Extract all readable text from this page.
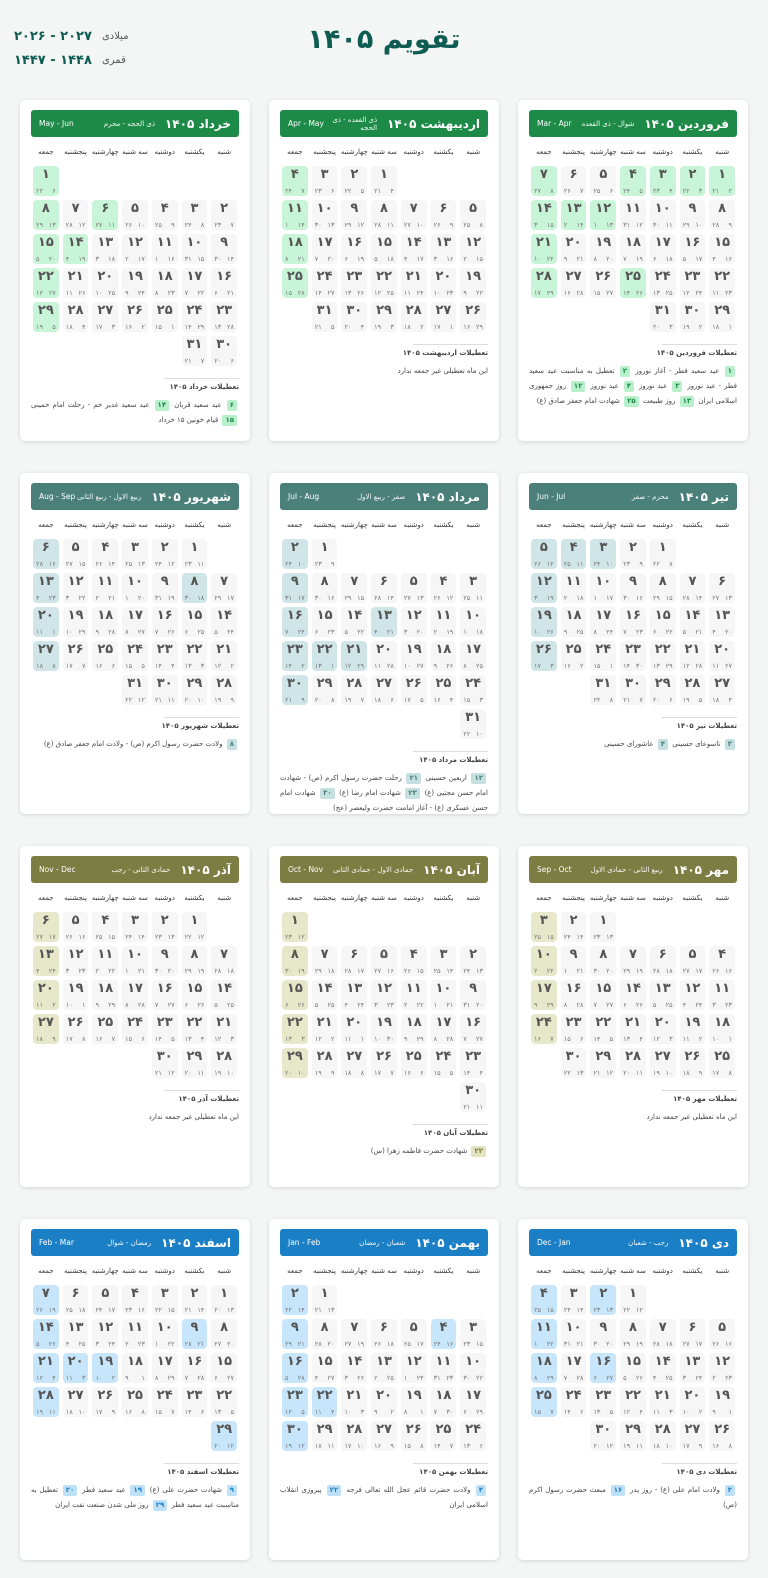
تقویم ۱۴۰۵
میلادی
۲۰۲۶ - ۲۰۲۷
قمری
۱۴۴۷ - ۱۴۴۸
فروردین ۱۴۰۵
شوال - ذی القعده
Mar - Apr
شنبه
یکشنبه
دوشنبه
سه شنبه
چهارشنبه
پنجشنبه
جمعه
۱
۲۱ ۲
۲
۲۲ ۳
۳
۲۳ ۴
۴
۲۴ ۵
۵
۲۵ ۶
۶
۲۶ ۷
۷
۲۷ ۸
۸
۲۸ ۹
۹
۲۹ ۱۰
۱۰
۳۰ ۱۱
۱۱
۳۱ ۱۲
۱۲
۱ ۱۳
۱۳
۲ ۱۴
۱۴
۳ ۱۵
۱۵
۴ ۱۶
۱۶
۵ ۱۷
۱۷
۶ ۱۸
۱۸
۷ ۱۹
۱۹
۸ ۲۰
۲۰
۹ ۲۱
۲۱
۱۰ ۲۲
۲۲
۱۱ ۲۳
۲۳
۱۲ ۲۴
۲۴
۱۳ ۲۵
۲۵
۱۴ ۲۶
۲۶
۱۵ ۲۷
۲۷
۱۶ ۲۸
۲۸
۱۷ ۲۹
۲۹
۱۸ ۱
۳۰
۱۹ ۲
۳۱
۲۰ ۳
تعطیلات فروردین ۱۴۰۵
۱ عید سعید فطر - آغاز نوروز ۲ تعطیل به مناسبت عید سعید فطر - عید نوروز ۳ عید نوروز ۴ عید نوروز ۱۲ روز جمهوری اسلامی ایران ۱۳ روز طبیعت ۲۵ شهادت امام جعفر صادق (ع)
اردیبهشت ۱۴۰۵
ذی القعده - ذی الحجه
Apr - May
شنبه
یکشنبه
دوشنبه
سه شنبه
چهارشنبه
پنجشنبه
جمعه
۱
۲۱ ۴
۲
۲۲ ۵
۳
۲۳ ۶
۴
۲۴ ۷
۵
۲۵ ۸
۶
۲۶ ۹
۷
۲۷ ۱۰
۸
۲۸ ۱۱
۹
۲۹ ۱۲
۱۰
۳۰ ۱۳
۱۱
۱ ۱۴
۱۲
۲ ۱۵
۱۳
۳ ۱۶
۱۴
۴ ۱۷
۱۵
۵ ۱۸
۱۶
۶ ۱۹
۱۷
۷ ۲۰
۱۸
۸ ۲۱
۱۹
۹ ۲۲
۲۰
۱۰ ۲۳
۲۱
۱۱ ۲۴
۲۲
۱۲ ۲۵
۲۳
۱۳ ۲۶
۲۴
۱۴ ۲۷
۲۵
۱۵ ۲۸
۲۶
۱۶ ۲۹
۲۷
۱۷ ۱
۲۸
۱۸ ۲
۲۹
۱۹ ۳
۳۰
۲۰ ۴
۳۱
۲۱ ۵
تعطیلات اردیبهشت ۱۴۰۵
این ماه تعطیلی غیر جمعه ندارد
خرداد ۱۴۰۵
ذی الحجه - محرم
May - Jun
شنبه
یکشنبه
دوشنبه
سه شنبه
چهارشنبه
پنجشنبه
جمعه
۱
۲۲ ۶
۲
۲۳ ۷
۳
۲۴ ۸
۴
۲۵ ۹
۵
۲۶ ۱۰
۶
۲۷ ۱۱
۷
۲۸ ۱۲
۸
۲۹ ۱۳
۹
۳۰ ۱۴
۱۰
۳۱ ۱۵
۱۱
۱ ۱۶
۱۲
۲ ۱۷
۱۳
۳ ۱۸
۱۴
۴ ۱۹
۱۵
۵ ۲۰
۱۶
۶ ۲۱
۱۷
۷ ۲۲
۱۸
۸ ۲۳
۱۹
۹ ۲۴
۲۰
۱۰ ۲۵
۲۱
۱۱ ۲۶
۲۲
۱۲ ۲۷
۲۳
۱۳ ۲۸
۲۴
۱۴ ۲۹
۲۵
۱۵ ۱
۲۶
۱۶ ۲
۲۷
۱۷ ۳
۲۸
۱۸ ۴
۲۹
۱۹ ۵
۳۰
۲۰ ۶
۳۱
۲۱ ۷
تعطیلات خرداد ۱۴۰۵
۶ عید سعید قربان ۱۴ عید سعید غدیر خم - رحلت امام خمینی ۱۵ قیام خونین ۱۵ خرداد
تیر ۱۴۰۵
محرم - صفر
Jun - Jul
شنبه
یکشنبه
دوشنبه
سه شنبه
چهارشنبه
پنجشنبه
جمعه
۱
۲۲ ۸
۲
۲۳ ۹
۳
۲۴ ۱۰
۴
۲۵ ۱۱
۵
۲۶ ۱۲
۶
۲۷ ۱۳
۷
۲۸ ۱۴
۸
۲۹ ۱۵
۹
۳۰ ۱۶
۱۰
۱ ۱۷
۱۱
۲ ۱۸
۱۲
۳ ۱۹
۱۳
۴ ۲۰
۱۴
۵ ۲۱
۱۵
۶ ۲۲
۱۶
۷ ۲۳
۱۷
۸ ۲۴
۱۸
۹ ۲۵
۱۹
۱۰ ۲۶
۲۰
۱۱ ۲۷
۲۱
۱۲ ۲۸
۲۲
۱۳ ۲۹
۲۳
۱۴ ۳۰
۲۴
۱۵ ۱
۲۵
۱۶ ۲
۲۶
۱۷ ۳
۲۷
۱۸ ۴
۲۸
۱۹ ۵
۲۹
۲۰ ۶
۳۰
۲۱ ۷
۳۱
۲۲ ۸
تعطیلات تیر ۱۴۰۵
۳ تاسوعای حسینی ۴ عاشورای حسینی
مرداد ۱۴۰۵
صفر - ربیع الاول
Jul - Aug
شنبه
یکشنبه
دوشنبه
سه شنبه
چهارشنبه
پنجشنبه
جمعه
۱
۲۳ ۹
۲
۲۴ ۱۰
۳
۲۵ ۱۱
۴
۲۶ ۱۲
۵
۲۷ ۱۳
۶
۲۸ ۱۴
۷
۲۹ ۱۵
۸
۳۰ ۱۶
۹
۳۱ ۱۷
۱۰
۱ ۱۸
۱۱
۲ ۱۹
۱۲
۳ ۲۰
۱۳
۴ ۲۱
۱۴
۵ ۲۲
۱۵
۶ ۲۳
۱۶
۷ ۲۴
۱۷
۸ ۲۵
۱۸
۹ ۲۶
۱۹
۱۰ ۲۷
۲۰
۱۱ ۲۸
۲۱
۱۲ ۲۹
۲۲
۱۳ ۱
۲۳
۱۴ ۲
۲۴
۱۵ ۳
۲۵
۱۶ ۴
۲۶
۱۷ ۵
۲۷
۱۸ ۶
۲۸
۱۹ ۷
۲۹
۲۰ ۸
۳۰
۲۱ ۹
۳۱
۲۲ ۱۰
تعطیلات مرداد ۱۴۰۵
۱۳ اربعین حسینی ۲۱ رحلت حضرت رسول اکرم (ص) - شهادت امام حسن مجتبی (ع) ۲۳ شهادت امام رضا (ع) ۳۰ شهادت امام حسن عسکری (ع) - آغاز امامت حضرت ولیعصر (عج)
شهریور ۱۴۰۵
ربیع الاول - ربیع الثانی
Aug - Sep
شنبه
یکشنبه
دوشنبه
سه شنبه
چهارشنبه
پنجشنبه
جمعه
۱
۲۳ ۱۱
۲
۲۴ ۱۲
۳
۲۵ ۱۳
۴
۲۶ ۱۴
۵
۲۷ ۱۵
۶
۲۸ ۱۶
۷
۲۹ ۱۷
۸
۳۰ ۱۸
۹
۳۱ ۱۹
۱۰
۱ ۲۰
۱۱
۲ ۲۱
۱۲
۳ ۲۲
۱۳
۴ ۲۳
۱۴
۵ ۲۴
۱۵
۶ ۲۵
۱۶
۷ ۲۶
۱۷
۸ ۲۷
۱۸
۹ ۲۸
۱۹
۱۰ ۲۹
۲۰
۱۱ ۱
۲۱
۱۲ ۲
۲۲
۱۳ ۳
۲۳
۱۴ ۴
۲۴
۱۵ ۵
۲۵
۱۶ ۶
۲۶
۱۷ ۷
۲۷
۱۸ ۸
۲۸
۱۹ ۹
۲۹
۲۰ ۱۰
۳۰
۲۱ ۱۱
۳۱
۲۲ ۱۲
تعطیلات شهریور ۱۴۰۵
۸ ولادت حضرت رسول اکرم (ص) - ولادت امام جعفر صادق (ع)
مهر ۱۴۰۵
ربیع الثانی - جمادی الاول
Sep - Oct
شنبه
یکشنبه
دوشنبه
سه شنبه
چهارشنبه
پنجشنبه
جمعه
۱
۲۳ ۱۳
۲
۲۴ ۱۴
۳
۲۵ ۱۵
۴
۲۶ ۱۶
۵
۲۷ ۱۷
۶
۲۸ ۱۸
۷
۲۹ ۱۹
۸
۳۰ ۲۰
۹
۱ ۲۱
۱۰
۲ ۲۲
۱۱
۳ ۲۳
۱۲
۴ ۲۴
۱۳
۵ ۲۵
۱۴
۶ ۲۶
۱۵
۷ ۲۷
۱۶
۸ ۲۸
۱۷
۹ ۲۹
۱۸
۱۰ ۱
۱۹
۱۱ ۲
۲۰
۱۲ ۳
۲۱
۱۳ ۴
۲۲
۱۴ ۵
۲۳
۱۵ ۶
۲۴
۱۶ ۷
۲۵
۱۷ ۸
۲۶
۱۸ ۹
۲۷
۱۹ ۱۰
۲۸
۲۰ ۱۱
۲۹
۲۱ ۱۲
۳۰
۲۲ ۱۳
تعطیلات مهر ۱۴۰۵
این ماه تعطیلی غیر جمعه ندارد
آبان ۱۴۰۵
جمادی الاول - جمادی الثانی
Oct - Nov
شنبه
یکشنبه
دوشنبه
سه شنبه
چهارشنبه
پنجشنبه
جمعه
۱
۲۳ ۱۲
۲
۲۴ ۱۳
۳
۲۵ ۱۴
۴
۲۶ ۱۵
۵
۲۷ ۱۶
۶
۲۸ ۱۷
۷
۲۹ ۱۸
۸
۳۰ ۱۹
۹
۳۱ ۲۰
۱۰
۱ ۲۱
۱۱
۲ ۲۲
۱۲
۳ ۲۳
۱۳
۴ ۲۴
۱۴
۵ ۲۵
۱۵
۶ ۲۶
۱۶
۷ ۲۷
۱۷
۸ ۲۸
۱۸
۹ ۲۹
۱۹
۱۰ ۳۰
۲۰
۱۱ ۱
۲۱
۱۲ ۲
۲۲
۱۳ ۳
۲۳
۱۴ ۴
۲۴
۱۵ ۵
۲۵
۱۶ ۶
۲۶
۱۷ ۷
۲۷
۱۸ ۸
۲۸
۱۹ ۹
۲۹
۲۰ ۱۰
۳۰
۲۱ ۱۱
تعطیلات آبان ۱۴۰۵
۲۲ شهادت حضرت فاطمه زهرا (س)
آذر ۱۴۰۵
جمادی الثانی - رجب
Nov - Dec
شنبه
یکشنبه
دوشنبه
سه شنبه
چهارشنبه
پنجشنبه
جمعه
۱
۲۲ ۱۲
۲
۲۳ ۱۳
۳
۲۴ ۱۴
۴
۲۵ ۱۵
۵
۲۶ ۱۶
۶
۲۷ ۱۷
۷
۲۸ ۱۸
۸
۲۹ ۱۹
۹
۳۰ ۲۰
۱۰
۱ ۲۱
۱۱
۲ ۲۲
۱۲
۳ ۲۳
۱۳
۴ ۲۴
۱۴
۵ ۲۵
۱۵
۶ ۲۶
۱۶
۷ ۲۷
۱۷
۸ ۲۸
۱۸
۹ ۲۹
۱۹
۱۰ ۱
۲۰
۱۱ ۲
۲۱
۱۲ ۳
۲۲
۱۳ ۴
۲۳
۱۴ ۵
۲۴
۱۵ ۶
۲۵
۱۶ ۷
۲۶
۱۷ ۸
۲۷
۱۸ ۹
۲۸
۱۹ ۱۰
۲۹
۲۰ ۱۱
۳۰
۲۱ ۱۲
تعطیلات آذر ۱۴۰۵
این ماه تعطیلی غیر جمعه ندارد
دی ۱۴۰۵
رجب - شعبان
Dec - Jan
شنبه
یکشنبه
دوشنبه
سه شنبه
چهارشنبه
پنجشنبه
جمعه
۱
۲۲ ۱۲
۲
۲۳ ۱۳
۳
۲۴ ۱۴
۴
۲۵ ۱۵
۵
۲۶ ۱۶
۶
۲۷ ۱۷
۷
۲۸ ۱۸
۸
۲۹ ۱۹
۹
۳۰ ۲۰
۱۰
۳۱ ۲۱
۱۱
۱ ۲۲
۱۲
۲ ۲۳
۱۳
۳ ۲۴
۱۴
۴ ۲۵
۱۵
۵ ۲۶
۱۶
۶ ۲۷
۱۷
۷ ۲۸
۱۸
۸ ۲۹
۱۹
۹ ۱
۲۰
۱۰ ۲
۲۱
۱۱ ۳
۲۲
۱۲ ۴
۲۳
۱۳ ۵
۲۴
۱۴ ۶
۲۵
۱۵ ۷
۲۶
۱۶ ۸
۲۷
۱۷ ۹
۲۸
۱۸ ۱۰
۲۹
۱۹ ۱۱
۳۰
۲۰ ۱۲
تعطیلات دی ۱۴۰۵
۲ ولادت امام علی (ع) - روز پدر ۱۶ مبعث حضرت رسول اکرم (ص)
بهمن ۱۴۰۵
شعبان - رمضان
Jan - Feb
شنبه
یکشنبه
دوشنبه
سه شنبه
چهارشنبه
پنجشنبه
جمعه
۱
۲۱ ۱۳
۲
۲۲ ۱۴
۳
۲۳ ۱۵
۴
۲۴ ۱۶
۵
۲۵ ۱۷
۶
۲۶ ۱۸
۷
۲۷ ۱۹
۸
۲۸ ۲۰
۹
۲۹ ۲۱
۱۰
۳۰ ۲۲
۱۱
۳۱ ۲۳
۱۲
۱ ۲۴
۱۳
۲ ۲۵
۱۴
۳ ۲۶
۱۵
۴ ۲۷
۱۶
۵ ۲۸
۱۷
۶ ۲۹
۱۸
۷ ۳۰
۱۹
۸ ۱
۲۰
۹ ۲
۲۱
۱۰ ۳
۲۲
۱۱ ۴
۲۳
۱۲ ۵
۲۴
۱۳ ۶
۲۵
۱۴ ۷
۲۶
۱۵ ۸
۲۷
۱۶ ۹
۲۸
۱۷ ۱۰
۲۹
۱۸ ۱۱
۳۰
۱۹ ۱۲
تعطیلات بهمن ۱۴۰۵
۴ ولادت حضرت قائم عجل الله تعالی فرجه ۲۲ پیروزی انقلاب اسلامی ایران
اسفند ۱۴۰۵
رمضان - شوال
Feb - Mar
شنبه
یکشنبه
دوشنبه
سه شنبه
چهارشنبه
پنجشنبه
جمعه
۱
۲۰ ۱۳
۲
۲۱ ۱۴
۳
۲۲ ۱۵
۴
۲۳ ۱۶
۵
۲۴ ۱۷
۶
۲۵ ۱۸
۷
۲۶ ۱۹
۸
۲۷ ۲۰
۹
۲۸ ۲۱
۱۰
۱ ۲۲
۱۱
۲ ۲۳
۱۲
۳ ۲۴
۱۳
۴ ۲۵
۱۴
۵ ۲۶
۱۵
۶ ۲۷
۱۶
۷ ۲۸
۱۷
۸ ۲۹
۱۸
۹ ۱
۱۹
۱۰ ۲
۲۰
۱۱ ۳
۲۱
۱۲ ۴
۲۲
۱۳ ۵
۲۳
۱۴ ۶
۲۴
۱۵ ۷
۲۵
۱۶ ۸
۲۶
۱۷ ۹
۲۷
۱۸ ۱۰
۲۸
۱۹ ۱۱
۲۹
۲۰ ۱۲
تعطیلات اسفند ۱۴۰۵
۹ شهادت حضرت علی (ع) ۱۹ عید سعید فطر ۲۰ تعطیل به مناسبت عید سعید فطر ۲۹ روز ملی شدن صنعت نفت ایران
